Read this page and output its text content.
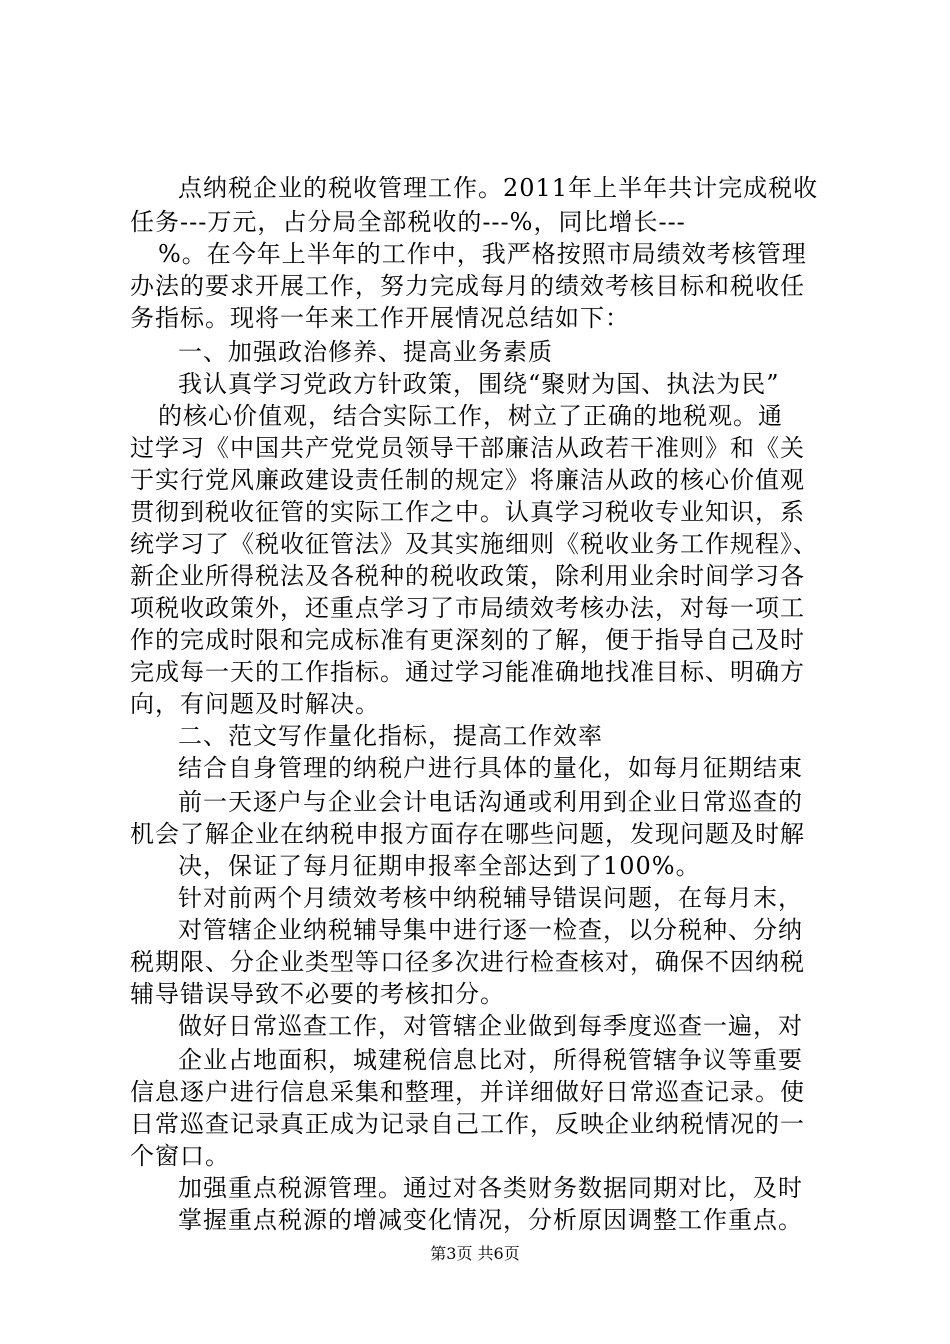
点纳税企业的税收管理工作。2011年上半年共计完成税收
任务---万元，占分局全部税收的---%，同比增长---
%。在今年上半年的工作中，我严格按照市局绩效考核管理
办法的要求开展工作，努力完成每月的绩效考核目标和税收任
务指标。现将一年来工作开展情况总结如下：
一、加强政治修养、提高业务素质
我认真学习党政方针政策，围绕“聚财为国、执法为民”
的核心价值观，结合实际工作，树立了正确的地税观。通
过学习《中国共产党党员领导干部廉洁从政若干准则》和《关
于实行党风廉政建设责任制的规定》将廉洁从政的核心价值观
贯彻到税收征管的实际工作之中。认真学习税收专业知识，系
统学习了《税收征管法》及其实施细则《税收业务工作规程》、
新企业所得税法及各税种的税收政策，除利用业余时间学习各
项税收政策外，还重点学习了市局绩效考核办法，对每一项工
作的完成时限和完成标准有更深刻的了解，便于指导自己及时
完成每一天的工作指标。通过学习能准确地找准目标、明确方
向，有问题及时解决。
二、范文写作量化指标，提高工作效率
结合自身管理的纳税户进行具体的量化，如每月征期结束
前一天逐户与企业会计电话沟通或利用到企业日常巡查的
机会了解企业在纳税申报方面存在哪些问题，发现问题及时解
决，保证了每月征期申报率全部达到了100%。
针对前两个月绩效考核中纳税辅导错误问题，在每月末，
对管辖企业纳税辅导集中进行逐一检查，以分税种、分纳
税期限、分企业类型等口径多次进行检查核对，确保不因纳税
辅导错误导致不必要的考核扣分。
做好日常巡查工作，对管辖企业做到每季度巡查一遍，对
企业占地面积，城建税信息比对，所得税管辖争议等重要
信息逐户进行信息采集和整理，并详细做好日常巡查记录。使
日常巡查记录真正成为记录自己工作，反映企业纳税情况的一
个窗口。
加强重点税源管理。通过对各类财务数据同期对比，及时
掌握重点税源的增减变化情况，分析原因调整工作重点。
第3页 共6页
